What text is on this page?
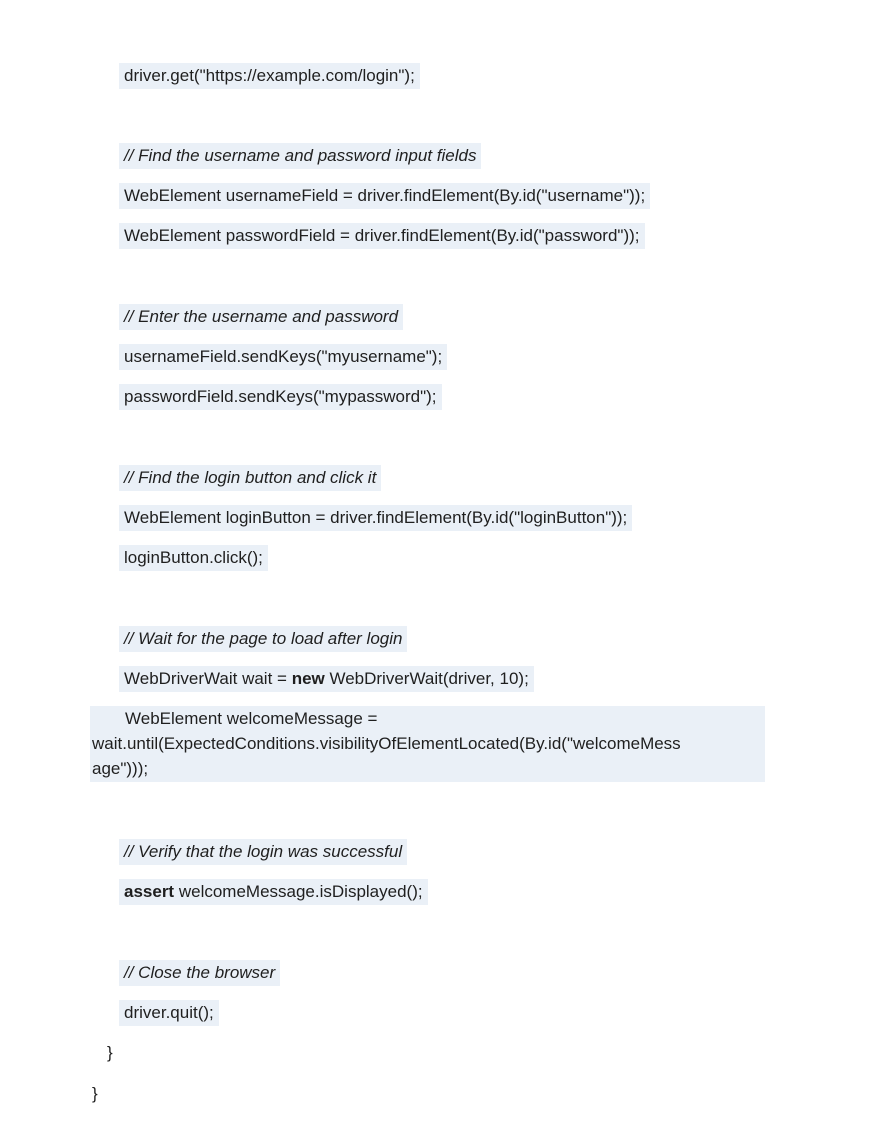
driver.get("https://example.com/login");
// Find the username and password input fields
WebElement usernameField = driver.findElement(By.id("username"));
WebElement passwordField = driver.findElement(By.id("password"));
// Enter the username and password
usernameField.sendKeys("myusername");
passwordField.sendKeys("mypassword");
// Find the login button and click it
WebElement loginButton = driver.findElement(By.id("loginButton"));
loginButton.click();
// Wait for the page to load after login
WebDriverWait wait = new WebDriverWait(driver, 10);
WebElement welcomeMessage =
wait.until(ExpectedConditions.visibilityOfElementLocated(By.id("welcomeMess
age")));
// Verify that the login was successful
assert welcomeMessage.isDisplayed();
// Close the browser
driver.quit();
}
}
